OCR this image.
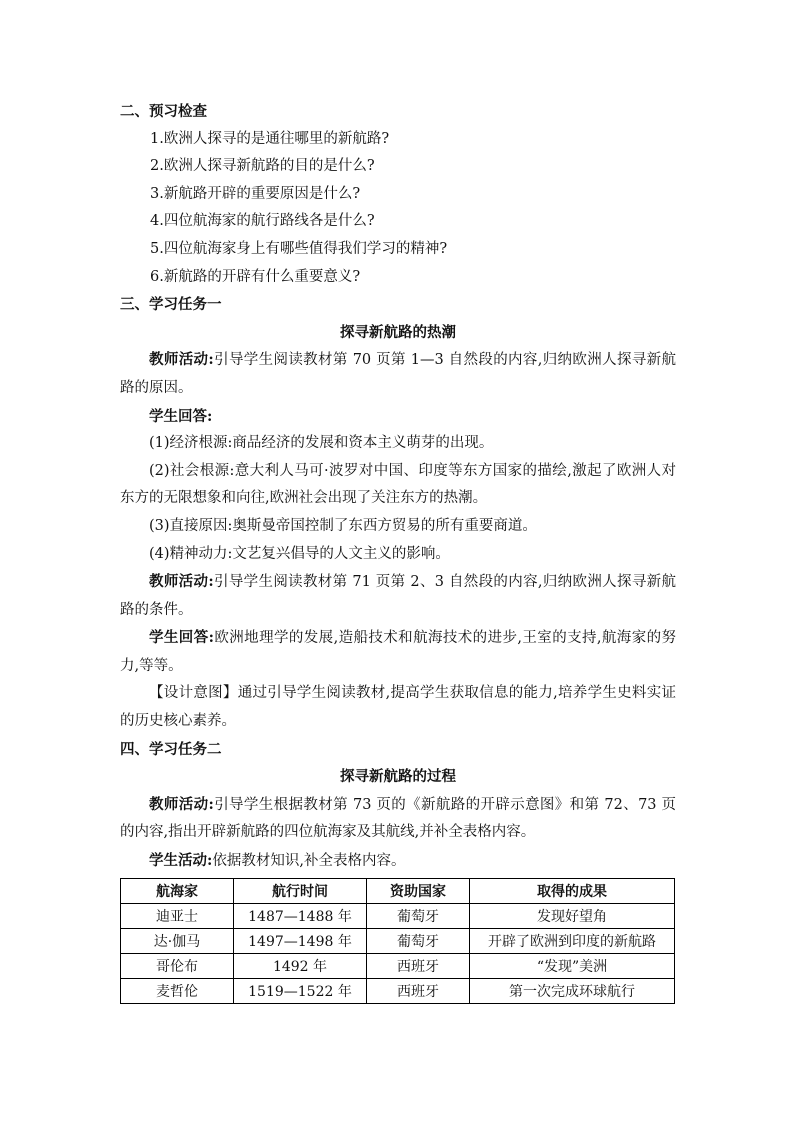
二、预习检查
1.欧洲人探寻的是通往哪里的新航路?
2.欧洲人探寻新航路的目的是什么?
3.新航路开辟的重要原因是什么?
4.四位航海家的航行路线各是什么?
5.四位航海家身上有哪些值得我们学习的精神?
6.新航路的开辟有什么重要意义?
三、学习任务一
探寻新航路的热潮
教师活动:引导学生阅读教材第 70 页第 1—3 自然段的内容,归纳欧洲人探寻新航路的原因。
学生回答:
(1)经济根源:商品经济的发展和资本主义萌芽的出现。
(2)社会根源:意大利人马可·波罗对中国、印度等东方国家的描绘,激起了欧洲人对东方的无限想象和向往,欧洲社会出现了关注东方的热潮。
(3)直接原因:奥斯曼帝国控制了东西方贸易的所有重要商道。
(4)精神动力:文艺复兴倡导的人文主义的影响。
教师活动:引导学生阅读教材第 71 页第 2、3 自然段的内容,归纳欧洲人探寻新航路的条件。
学生回答:欧洲地理学的发展,造船技术和航海技术的进步,王室的支持,航海家的努力,等等。
【设计意图】通过引导学生阅读教材,提高学生获取信息的能力,培养学生史料实证的历史核心素养。
四、学习任务二
探寻新航路的过程
教师活动:引导学生根据教材第 73 页的《新航路的开辟示意图》和第 72、73 页的内容,指出开辟新航路的四位航海家及其航线,并补全表格内容。
学生活动:依据教材知识,补全表格内容。
航海家	航行时间	资助国家	取得的成果
迪亚士	1487—1488 年	葡萄牙	发现好望角
达·伽马	1497—1498 年	葡萄牙	开辟了欧洲到印度的新航路
哥伦布	1492 年	西班牙	“发现”美洲
麦哲伦	1519—1522 年	西班牙	第一次完成环球航行
